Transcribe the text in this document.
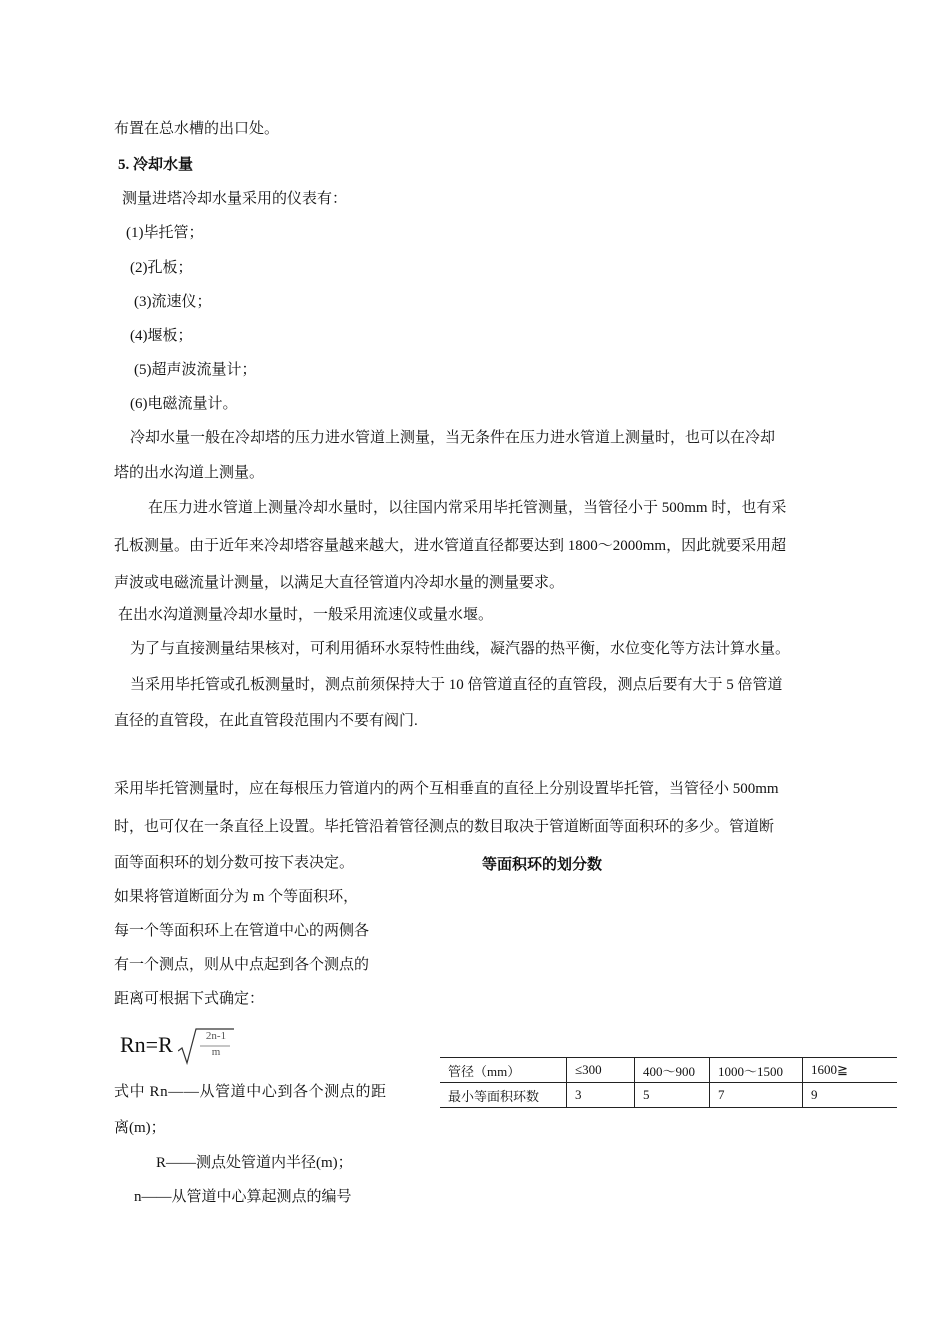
布置在总水槽的出口处。
5. 冷却水量
测量进塔冷却水量采用的仪表有：
(1)毕托管；
(2)孔板；
(3)流速仪；
(4)堰板；
(5)超声波流量计；
(6)电磁流量计。
冷却水量一般在冷却塔的压力进水管道上测量，当无条件在压力进水管道上测量时，也可以在冷却
塔的出水沟道上测量。
在压力进水管道上测量冷却水量时，以往国内常采用毕托管测量，当管径小于 500mm 时，也有采
孔板测量。由于近年来冷却塔容量越来越大，进水管道直径都要达到 1800～2000mm，因此就要采用超
声波或电磁流量计测量，以满足大直径管道内冷却水量的测量要求。
在出水沟道测量冷却水量时，一般采用流速仪或量水堰。
为了与直接测量结果核对，可利用循环水泵特性曲线，凝汽器的热平衡，水位变化等方法计算水量。
当采用毕托管或孔板测量时，测点前须保持大于 10 倍管道直径的直管段，测点后要有大于 5 倍管道
直径的直管段，在此直管段范围内不要有阀门.
采用毕托管测量时，应在每根压力管道内的两个互相垂直的直径上分别设置毕托管，当管径小 500mm
时，也可仅在一条直径上设置。毕托管沿着管径测点的数目取决于管道断面等面积环的多少。管道断
面等面积环的划分数可按下表决定。	等面积环的划分数
如果将管道断面分为 m 个等面积环，
每一个等面积环上在管道中心的两侧各
有一个测点，则从中点起到各个测点的
距离可根据下式确定：
Rn=R	2n-1
m
管径（mm）	≤300	400～900	1000～1500	1600≧
最小等面积环数	3	5	7	9
式中 Rn——从管道中心到各个测点的距
离(m)；
R——测点处管道内半径(m)；
n——从管道中心算起测点的编号
